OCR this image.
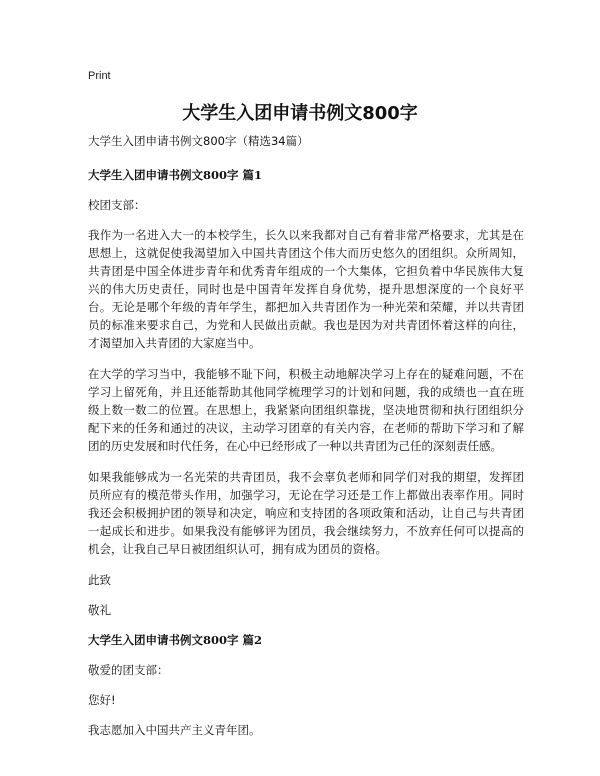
Print
大学生入团申请书例文800字

大学生入团申请书例文800字（精选34篇）

大学生入团申请书例文800字 篇1

校团支部：

我作为一名进入大一的本校学生，长久以来我都对自己有着非常严格要求，尤其是在思想上，这就促使我渴望加入中国共青团这个伟大而历史悠久的团组织。众所周知，共青团是中国全体进步青年和优秀青年组成的一个大集体，它担负着中华民族伟大复兴的伟大历史责任，同时也是中国青年发挥自身优势，提升思想深度的一个良好平台。无论是哪个年级的青年学生，都把加入共青团作为一种光荣和荣耀，并以共青团员的标准来要求自己，为党和人民做出贡献。我也是因为对共青团怀着这样的向往，才渴望加入共青团的大家庭当中。

在大学的学习当中，我能够不耻下问，积极主动地解决学习上存在的疑难问题，不在学习上留死角，并且还能帮助其他同学梳理学习的计划和问题，我的成绩也一直在班级上数一数二的位置。在思想上，我紧紧向团组织靠拢，坚决地贯彻和执行团组织分配下来的任务和通过的决议，主动学习团章的有关内容，在老师的帮助下学习和了解团的历史发展和时代任务，在心中已经形成了一种以共青团为己任的深刻责任感。

如果我能够成为一名光荣的共青团员，我不会辜负老师和同学们对我的期望，发挥团员所应有的模范带头作用，加强学习，无论在学习还是工作上都做出表率作用。同时我还会积极拥护团的领导和决定，响应和支持团的各项政策和活动，让自己与共青团一起成长和进步。如果我没有能够评为团员，我会继续努力，不放弃任何可以提高的机会，让我自己早日被团组织认可，拥有成为团员的资格。

此致

敬礼

大学生入团申请书例文800字 篇2

敬爱的团支部：

您好!

我志愿加入中国共产主义青年团。
